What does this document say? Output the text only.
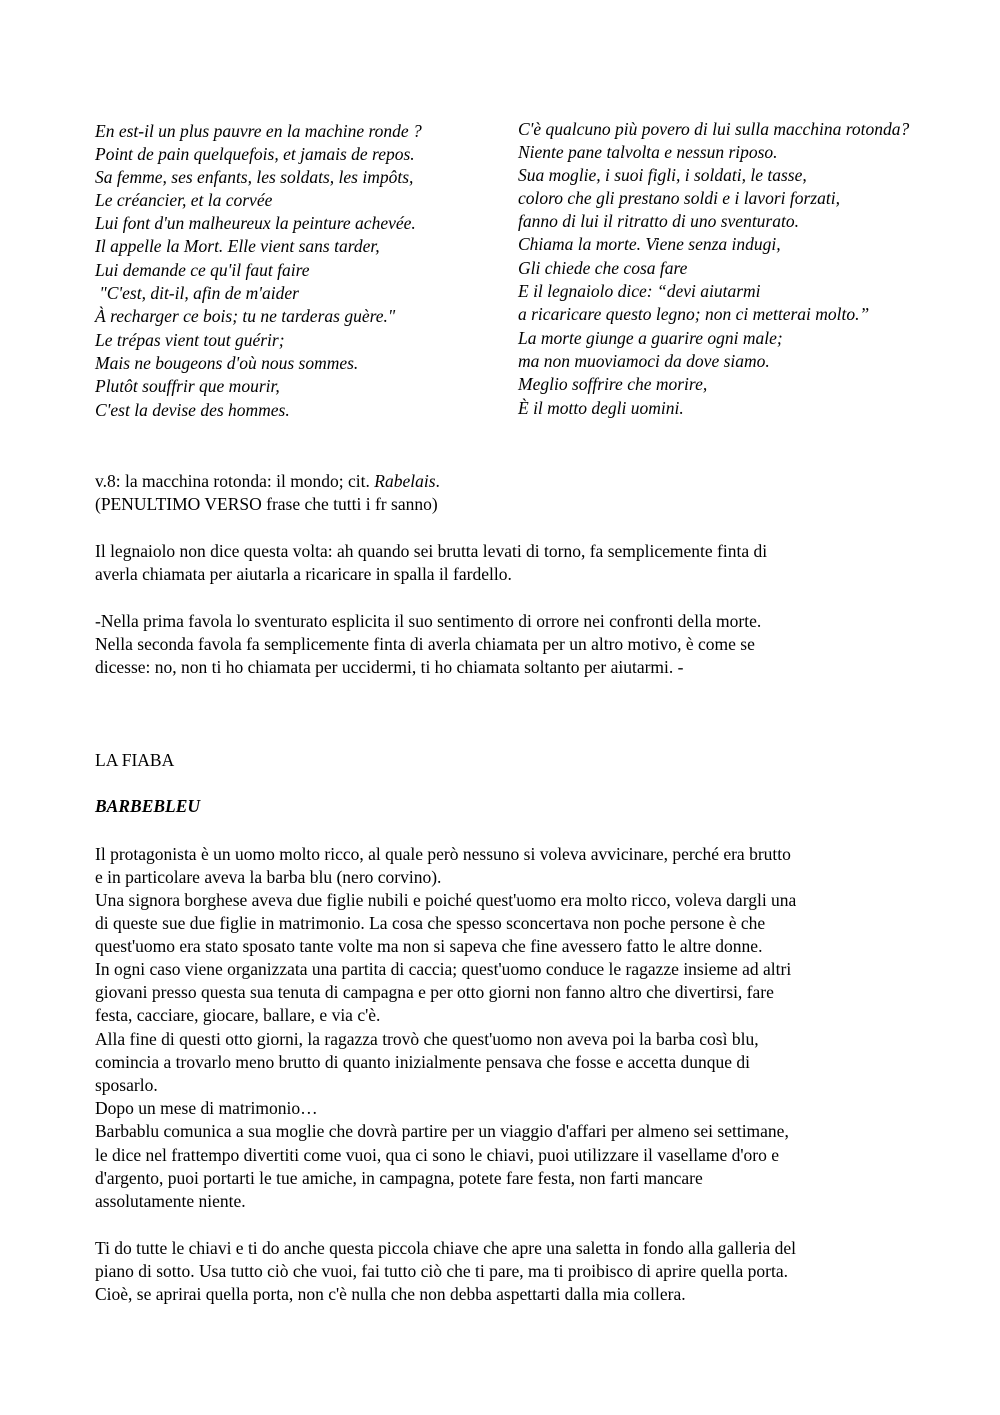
En est-il un plus pauvre en la machine ronde ?
Point de pain quelquefois, et jamais de repos.
Sa femme, ses enfants, les soldats, les impôts,
Le créancier, et la corvée
Lui font d'un malheureux la peinture achevée.
Il appelle la Mort. Elle vient sans tarder,
Lui demande ce qu'il faut faire
"C'est, dit-il, afin de m'aider
À recharger ce bois; tu ne tarderas guère."
Le trépas vient tout guérir;
Mais ne bougeons d'où nous sommes.
Plutôt souffrir que mourir,
C'est la devise des hommes.
C'è qualcuno più povero di lui sulla macchina rotonda?
Niente pane talvolta e nessun riposo.
Sua moglie, i suoi figli, i soldati, le tasse,
coloro che gli prestano soldi e i lavori forzati,
fanno di lui il ritratto di uno sventurato.
Chiama la morte. Viene senza indugi,
Gli chiede che cosa fare
E il legnaiolo dice: “devi aiutarmi
a ricaricare questo legno; non ci metterai molto.”
La morte giunge a guarire ogni male;
ma non muoviamoci da dove siamo.
Meglio soffrire che morire,
È il motto degli uomini.
v.8: la macchina rotonda: il mondo; cit. Rabelais.
(PENULTIMO VERSO frase che tutti i fr sanno)
Il legnaiolo non dice questa volta: ah quando sei brutta levati di torno, fa semplicemente finta di
averla chiamata per aiutarla a ricaricare in spalla il fardello.
-Nella prima favola lo sventurato esplicita il suo sentimento di orrore nei confronti della morte.
Nella seconda favola fa semplicemente finta di averla chiamata per un altro motivo, è come se
dicesse: no, non ti ho chiamata per uccidermi, ti ho chiamata soltanto per aiutarmi. -
LA FIABA
BARBEBLEU
Il protagonista è un uomo molto ricco, al quale però nessuno si voleva avvicinare, perché era brutto
e in particolare aveva la barba blu (nero corvino).
Una signora borghese aveva due figlie nubili e poiché quest'uomo era molto ricco, voleva dargli una
di queste sue due figlie in matrimonio. La cosa che spesso sconcertava non poche persone è che
quest'uomo era stato sposato tante volte ma non si sapeva che fine avessero fatto le altre donne.
In ogni caso viene organizzata una partita di caccia; quest'uomo conduce le ragazze insieme ad altri
giovani presso questa sua tenuta di campagna e per otto giorni non fanno altro che divertirsi, fare
festa, cacciare, giocare, ballare, e via c'è.
Alla fine di questi otto giorni, la ragazza trovò che quest'uomo non aveva poi la barba così blu,
comincia a trovarlo meno brutto di quanto inizialmente pensava che fosse e accetta dunque di
sposarlo.
Dopo un mese di matrimonio…
Barbablu comunica a sua moglie che dovrà partire per un viaggio d'affari per almeno sei settimane,
le dice nel frattempo divertiti come vuoi, qua ci sono le chiavi, puoi utilizzare il vasellame d'oro e
d'argento, puoi portarti le tue amiche, in campagna, potete fare festa, non farti mancare
assolutamente niente.
Ti do tutte le chiavi e ti do anche questa piccola chiave che apre una saletta in fondo alla galleria del
piano di sotto. Usa tutto ciò che vuoi, fai tutto ciò che ti pare, ma ti proibisco di aprire quella porta.
Cioè, se aprirai quella porta, non c'è nulla che non debba aspettarti dalla mia collera.
